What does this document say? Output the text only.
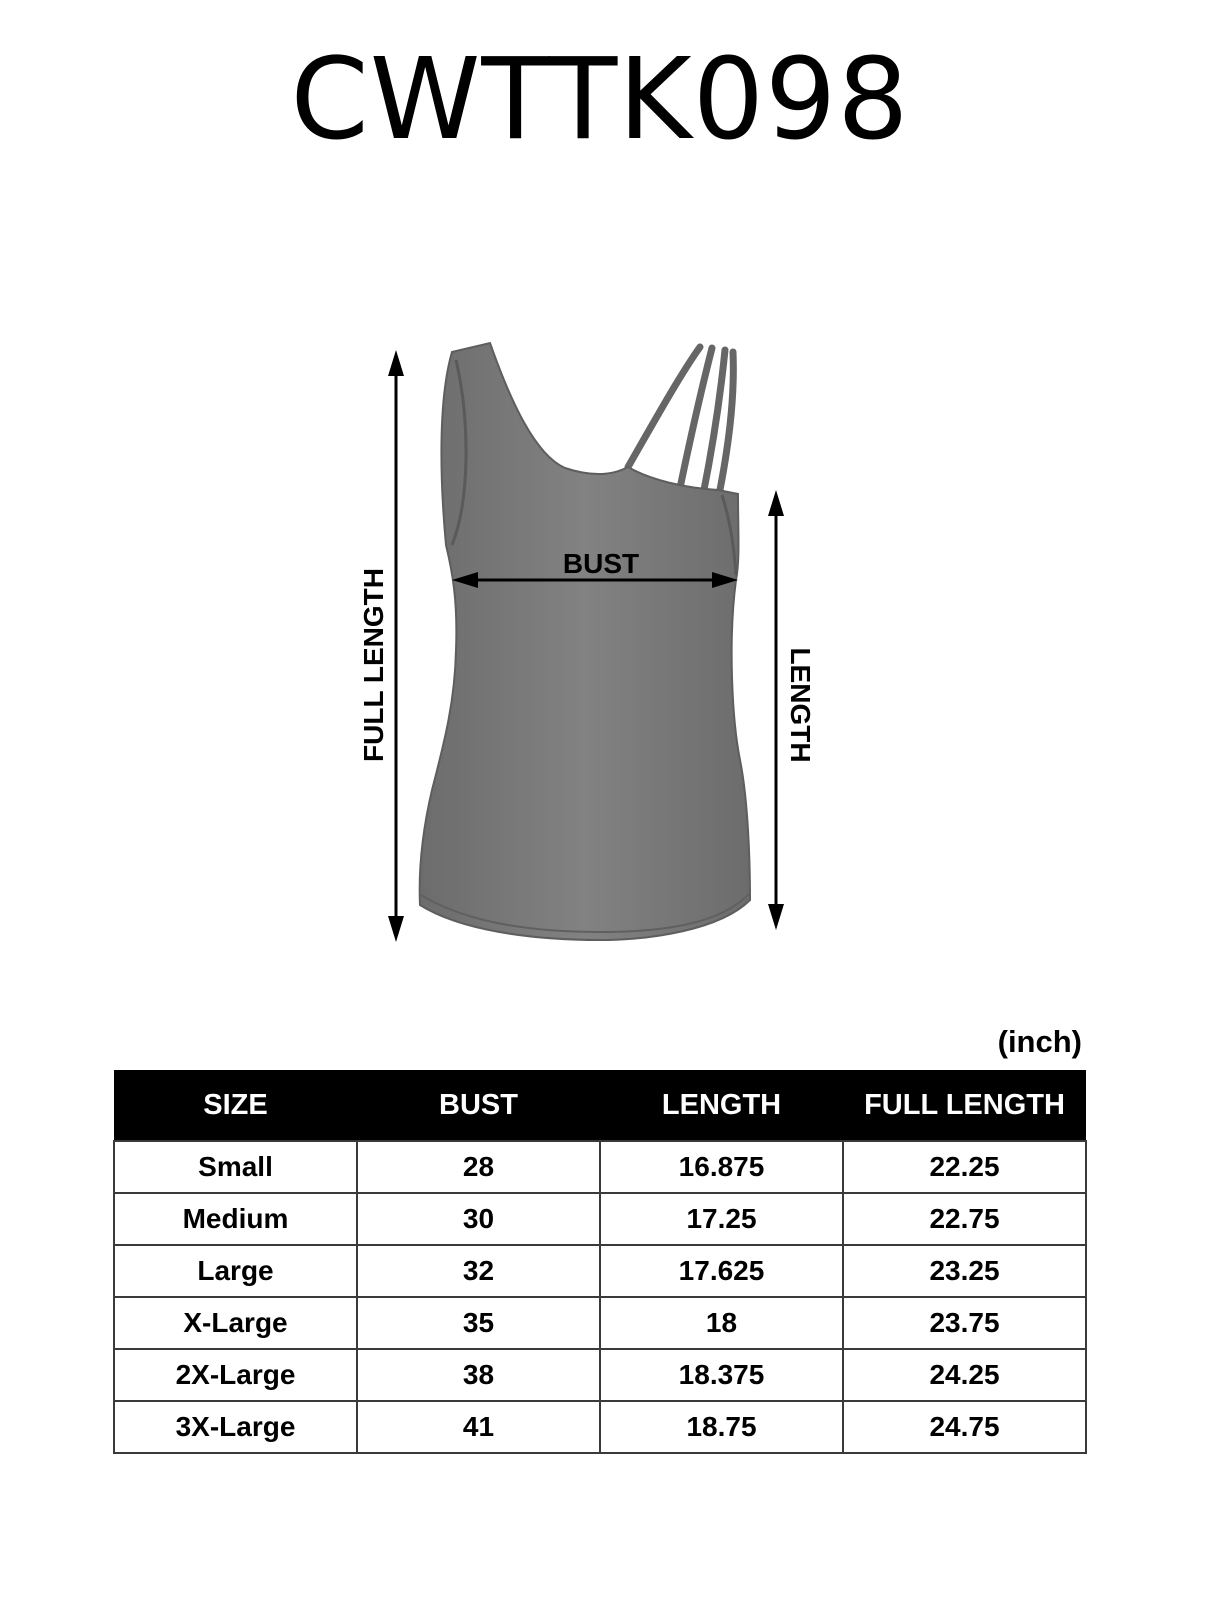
CWTTK098
FULL LENGTH
BUST
LENGTH
(inch)
SIZE	BUST	LENGTH	FULL LENGTH
Small	28	16.875	22.25
Medium	30	17.25	22.75
Large	32	17.625	23.25
X-Large	35	18	23.75
2X-Large	38	18.375	24.25
3X-Large	41	18.75	24.75
